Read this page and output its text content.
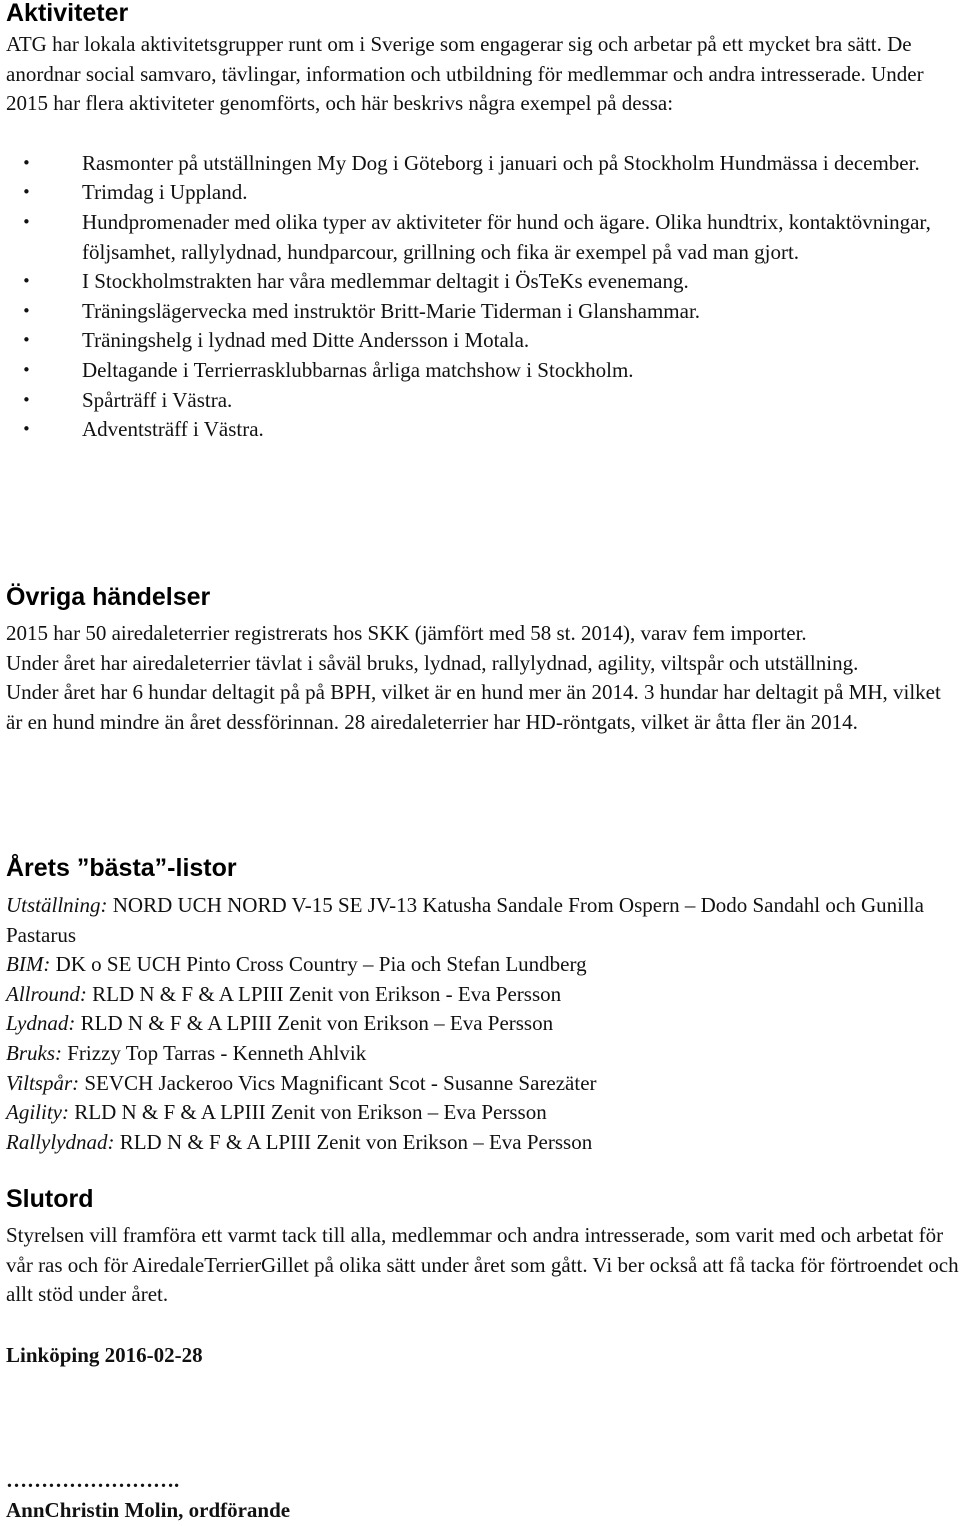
Aktiviteter

ATG har lokala aktivitetsgrupper runt om i Sverige som engagerar sig och arbetar på ett mycket bra sätt. De anordnar social samvaro, tävlingar, information och utbildning för medlemmar och andra intresserade. Under 2015 har flera aktiviteter genomförts, och här beskrivs några exempel på dessa:

• Rasmonter på utställningen My Dog i Göteborg i januari och på Stockholm Hundmässa i december.
• Trimdag i Uppland.
• Hundpromenader med olika typer av aktiviteter för hund och ägare. Olika hundtrix, kontaktövningar, följsamhet, rallylydnad, hundparcour, grillning och fika är exempel på vad man gjort.
• I Stockholmstrakten har våra medlemmar deltagit i ÖsTeKs evenemang.
• Träningslägervecka med instruktör Britt-Marie Tiderman i Glanshammar.
• Träningshelg i lydnad med Ditte Andersson i Motala.
• Deltagande i Terrierrasklubbarnas årliga matchshow i Stockholm.
• Spårträff i Västra.
• Adventsträff i Västra.
Övriga händelser

2015 har 50 airedaleterrier registrerats hos SKK (jämfört med 58 st. 2014), varav fem importer.

Under året har airedaleterrier tävlat i såväl bruks, lydnad, rallylydnad, agility, viltspår och utställning.

Under året har 6 hundar deltagit på på BPH, vilket är en hund mer än 2014. 3 hundar har deltagit på MH, vilket är en hund mindre än året dessförinnan. 28 airedaleterrier har HD-röntgats, vilket är åtta fler än 2014.

Årets ”bästa”-listor

Utställning: NORD UCH NORD V-15 SE JV-13 Katusha Sandale From Ospern – Dodo Sandahl och Gunilla Pastarus

BIM: DK o SE UCH Pinto Cross Country – Pia och Stefan Lundberg

Allround: RLD N & F & A LPIII Zenit von Erikson - Eva Persson

Lydnad: RLD N & F & A LPIII Zenit von Erikson – Eva Persson

Bruks: Frizzy Top Tarras - Kenneth Ahlvik

Viltspår: SEVCH Jackeroo Vics Magnificant Scot - Susanne Sarezäter

Agility: RLD N & F & A LPIII Zenit von Erikson – Eva Persson

Rallylydnad: RLD N & F & A LPIII Zenit von Erikson – Eva Persson

Slutord

Styrelsen vill framföra ett varmt tack till alla, medlemmar och andra intresserade, som varit med och arbetat för vår ras och för AiredaleTerrierGillet på olika sätt under året som gått. Vi ber också att få tacka för förtroendet och allt stöd under året.

Linköping 2016-02-28

…………………….

AnnChristin Molin, ordförande
